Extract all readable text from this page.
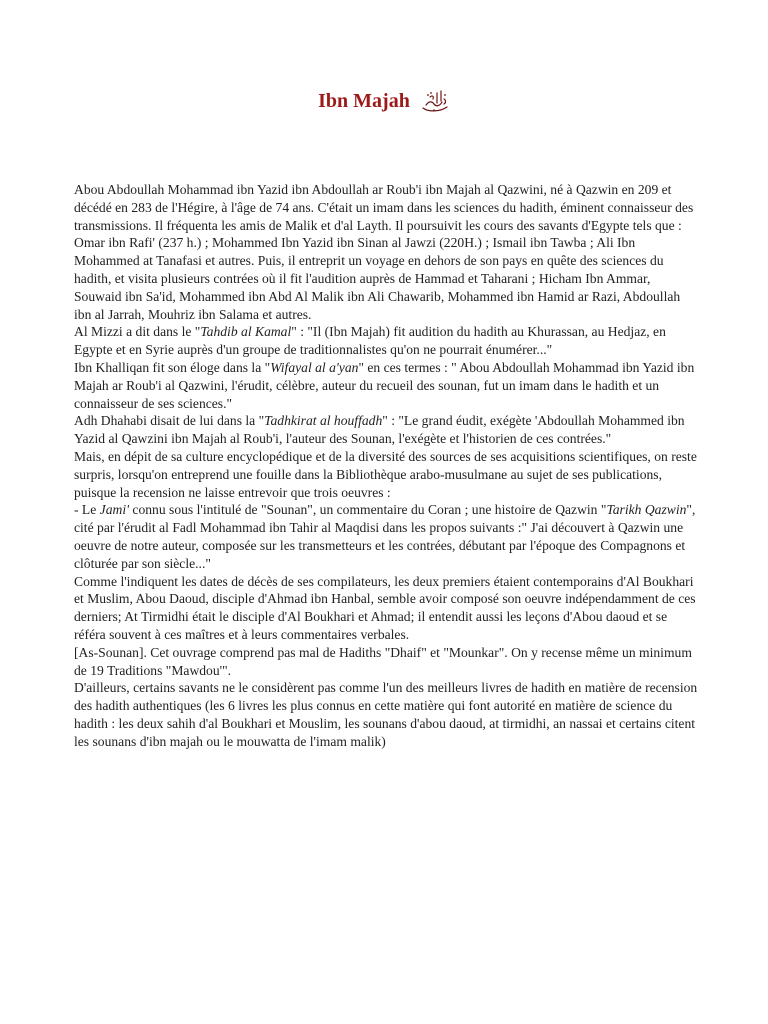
Ibn Majah

Abou Abdoullah Mohammad ibn Yazid ibn Abdoullah ar Roub'i ibn Majah al Qazwini, né à Qazwin en 209 et décédé en 283 de l'Hégire, à l'âge de 74 ans. C'était un imam dans les sciences du hadith, éminent connaisseur des transmissions. Il fréquenta les amis de Malik et d'al Layth. Il poursuivit les cours des savants d'Egypte tels que : Omar ibn Rafi' (237 h.) ; Mohammed Ibn Yazid ibn Sinan al Jawzi (220H.) ; Ismail ibn Tawba ; Ali Ibn Mohammed at Tanafasi et autres. Puis, il entreprit un voyage en dehors de son pays en quête des sciences du hadith, et visita plusieurs contrées où il fit l'audition auprès de Hammad et Taharani ; Hicham Ibn Ammar, Souwaid ibn Sa'id, Mohammed ibn Abd Al Malik ibn Ali Chawarib, Mohammed ibn Hamid ar Razi, Abdoullah ibn al Jarrah, Mouhriz ibn Salama et autres.

Al Mizzi a dit dans le "Tahdib al Kamal" : "Il (Ibn Majah) fit audition du hadith au Khurassan, au Hedjaz, en Egypte et en Syrie auprès d'un groupe de traditionnalistes qu'on ne pourrait énumérer..."

Ibn Khalliqan fit son éloge dans la "Wifayal al a'yan" en ces termes : " Abou Abdoullah Mohammad ibn Yazid ibn Majah ar Roub'i al Qazwini, l'érudit, célèbre, auteur du recueil des sounan, fut un imam dans le hadith et un connaisseur de ses sciences."

Adh Dhahabi disait de lui dans la "Tadhkirat al houffadh" : "Le grand éudit, exégète 'Abdoullah Mohammed ibn Yazid al Qawzini ibn Majah al Roub'i, l'auteur des Sounan, l'exégète et l'historien de ces contrées."

Mais, en dépit de sa culture encyclopédique et de la diversité des sources de ses acquisitions scientifiques, on reste surpris, lorsqu'on entreprend une fouille dans la Bibliothèque arabo-musulmane au sujet de ses publications, puisque la recension ne laisse entrevoir que trois oeuvres :

- Le Jami' connu sous l'intitulé de "Sounan", un commentaire du Coran ; une histoire de Qazwin "Tarikh Qazwin", cité par l'érudit al Fadl Mohammad ibn Tahir al Maqdisi dans les propos suivants :" J'ai découvert à Qazwin une oeuvre de notre auteur, composée sur les transmetteurs et les contrées, débutant par l'époque des Compagnons et clôturée par son siècle..."

Comme l'indiquent les dates de décès de ses compilateurs, les deux premiers étaient contemporains d'Al Boukhari et Muslim, Abou Daoud, disciple d'Ahmad ibn Hanbal, semble avoir composé son oeuvre indépendamment de ces derniers; At Tirmidhi était le disciple d'Al Boukhari et Ahmad; il entendit aussi les leçons d'Abou daoud et se référa souvent à ces maîtres et à leurs commentaires verbales.

[As-Sounan]. Cet ouvrage comprend pas mal de Hadiths "Dhaif" et "Mounkar". On y recense même un minimum de 19 Traditions "Mawdou'".

D'ailleurs, certains savants ne le considèrent pas comme l'un des meilleurs livres de hadith en matière de recension des hadith authentiques (les 6 livres les plus connus en cette matière qui font autorité en matière de science du hadith : les deux sahih d'al Boukhari et Mouslim, les sounans d'abou daoud, at tirmidhi, an nassai et certains citent les sounans d'ibn majah ou le mouwatta de l'imam malik)
